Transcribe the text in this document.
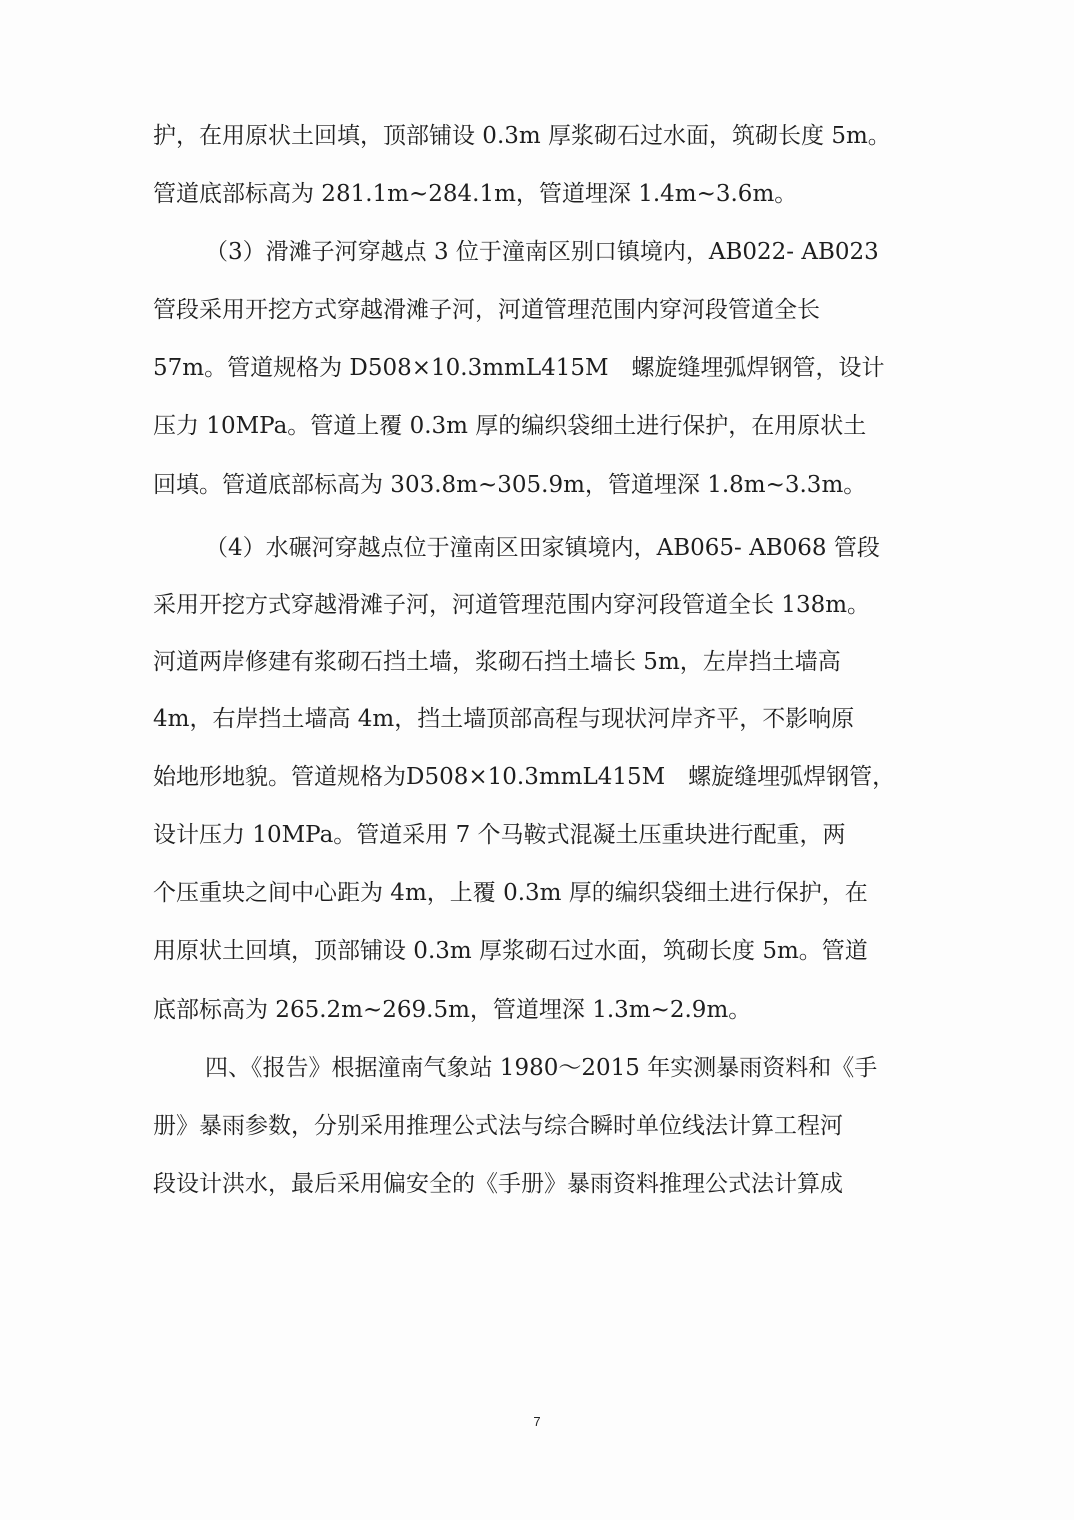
护，在用原状土回填，顶部铺设 0.3m 厚浆砌石过水面，筑砌长度 5m。
管道底部标高为 281.1m~284.1m，管道埋深 1.4m~3.6m。
（3）滑滩子河穿越点 3 位于潼南区别口镇境内，AB022- AB023
管段采用开挖方式穿越滑滩子河，河道管理范围内穿河段管道全长
57m。管道规格为 D508×10.3mmL415M　螺旋缝埋弧焊钢管，设计
压力 10MPa。管道上覆 0.3m 厚的编织袋细土进行保护，在用原状土
回填。管道底部标高为 303.8m~305.9m，管道埋深 1.8m~3.3m。
（4）水碾河穿越点位于潼南区田家镇境内，AB065- AB068 管段
采用开挖方式穿越滑滩子河，河道管理范围内穿河段管道全长 138m。
河道两岸修建有浆砌石挡土墙，浆砌石挡土墙长 5m，左岸挡土墙高
4m，右岸挡土墙高 4m，挡土墙顶部高程与现状河岸齐平，不影响原
始地形地貌。管道规格为D508×10.3mmL415M　螺旋缝埋弧焊钢管，
设计压力 10MPa。管道采用 7 个马鞍式混凝土压重块进行配重，两
个压重块之间中心距为 4m，上覆 0.3m 厚的编织袋细土进行保护，在
用原状土回填，顶部铺设 0.3m 厚浆砌石过水面，筑砌长度 5m。管道
底部标高为 265.2m~269.5m，管道埋深 1.3m~2.9m。
四、《报告》根据潼南气象站 1980～2015 年实测暴雨资料和《手
册》暴雨参数，分别采用推理公式法与综合瞬时单位线法计算工程河
段设计洪水，最后采用偏安全的《手册》暴雨资料推理公式法计算成
7
